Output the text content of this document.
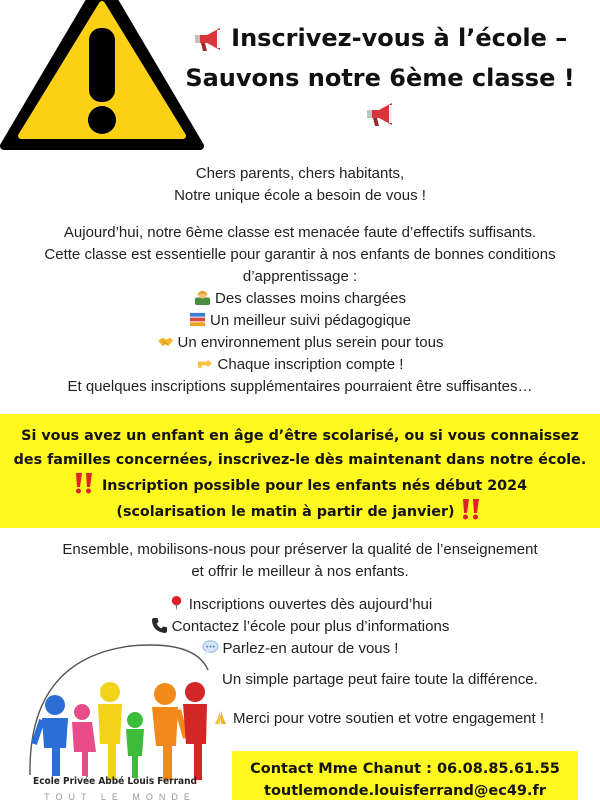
Inscrivez-vous à l’école –
Sauvons notre 6ème classe !

Chers parents, chers habitants,

Notre unique école a besoin de vous !

Aujourd’hui, notre 6ème classe est menacée faute d’effectifs suffisants.

Cette classe est essentielle pour garantir à nos enfants de bonnes conditions

d’apprentissage :

Des classes moins chargées

Un meilleur suivi pédagogique

Un environnement plus serein pour tous

Chaque inscription compte !

Et quelques inscriptions supplémentaires pourraient être suffisantes…

Si vous avez un enfant en âge d’être scolarisé, ou si vous connaissez

des familles concernées, inscrivez-le dès maintenant dans notre école.

Inscription possible pour les enfants nés début 2024

(scolarisation le matin à partir de janvier)

Ensemble, mobilisons-nous pour préserver la qualité de l’enseignement

et offrir le meilleur à nos enfants.

Inscriptions ouvertes dès aujourd’hui

Contactez l’école pour plus d’informations

Parlez-en autour de vous !

Ecole Privée Abbé Louis Ferrand
TOUT LE MONDE
Un simple partage peut faire toute la différence.
Merci pour votre soutien et votre engagement !

Contact Mme Chanut : 06.08.85.61.55

toutlemonde.louisferrand@ec49.fr
